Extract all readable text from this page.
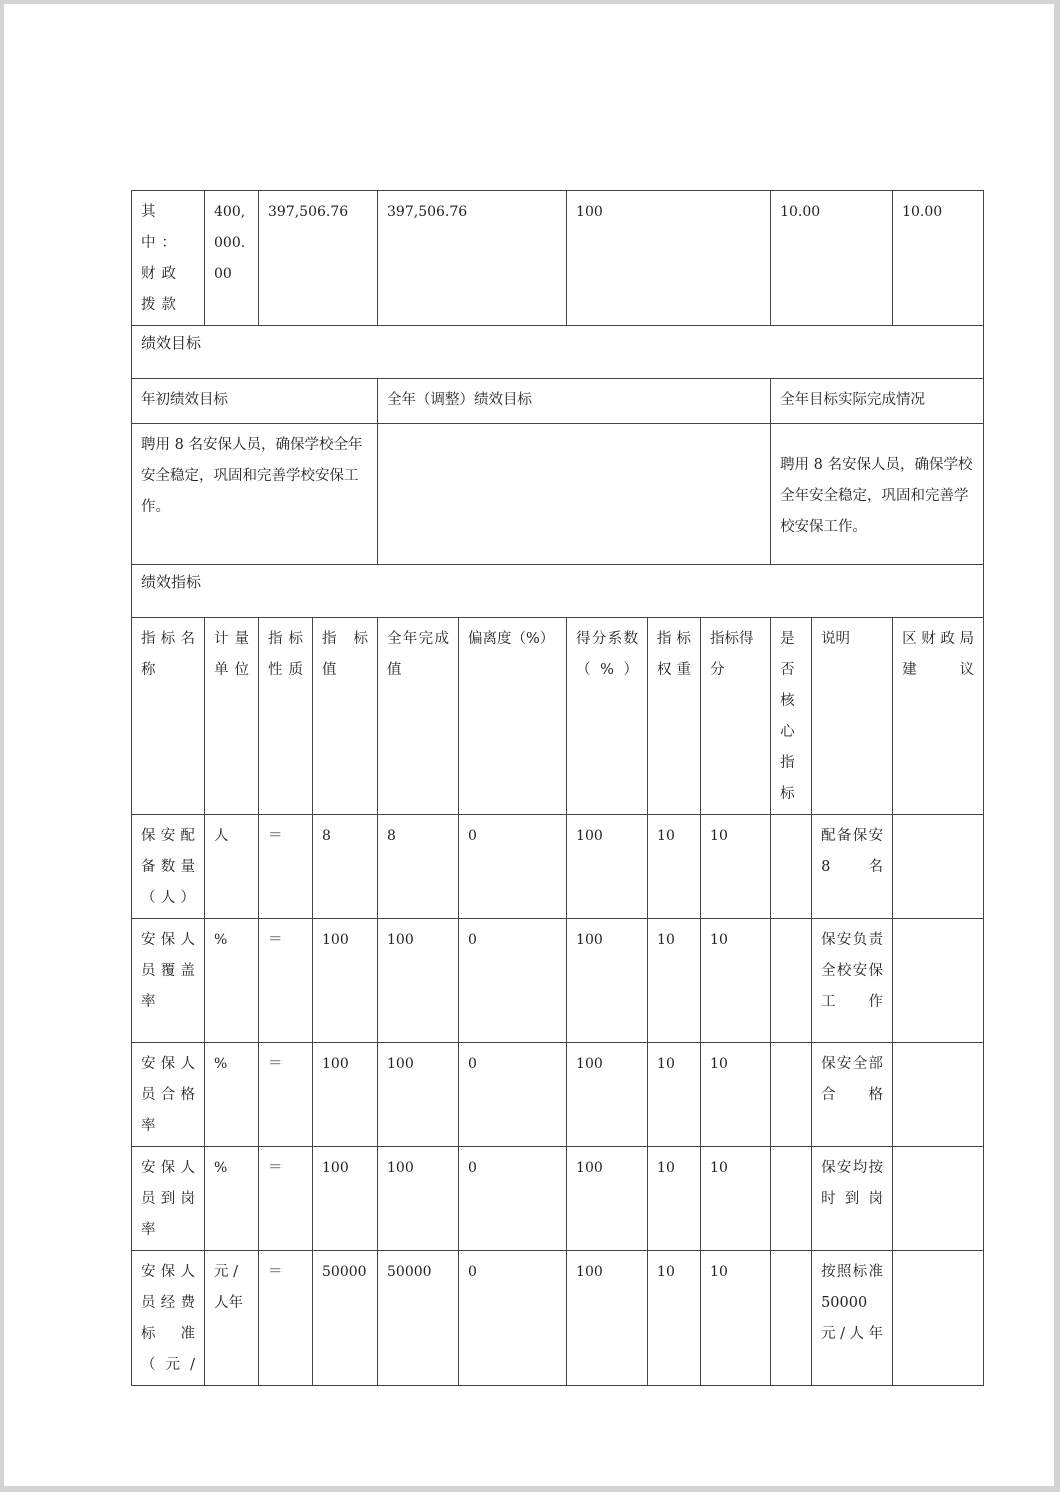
其中：财政拨款	400,000.00	397,506.76		397,506.76		100			10.00		10.00
绩效目标											
年初绩效目标				全年（调整）绩效目标					全年目标实际完成情况		
聘用 8 名安保人员，确保学校全年安全稳定，巩固和完善学校安保工作。									聘用 8 名安保人员，确保学校全年安全稳定，巩固和完善学校安保工作。		
绩效指标											
指标名称	计量单位	指标性质	指 标值	全年完成值	偏离度（%）	得分系数（%）	指标权重	指标得分	是否核心指标	说明	区财政局建议
保安配备数量（人）	人	＝	8	8	0	100	10	10		配备保安8名	
安保人员覆盖率	%	＝	100	100	0	100	10	10		保安负责全校安保工作	
安保人员合格率	%	＝	100	100	0	100	10	10		保安全部合格	
安保人员到岗率	%	＝	100	100	0	100	10	10		保安均按时到岗	
安保人员经费标准（元/	元 / 人年	＝	50000	50000	0	100	10	10		按照标准 50000 元/人年	
